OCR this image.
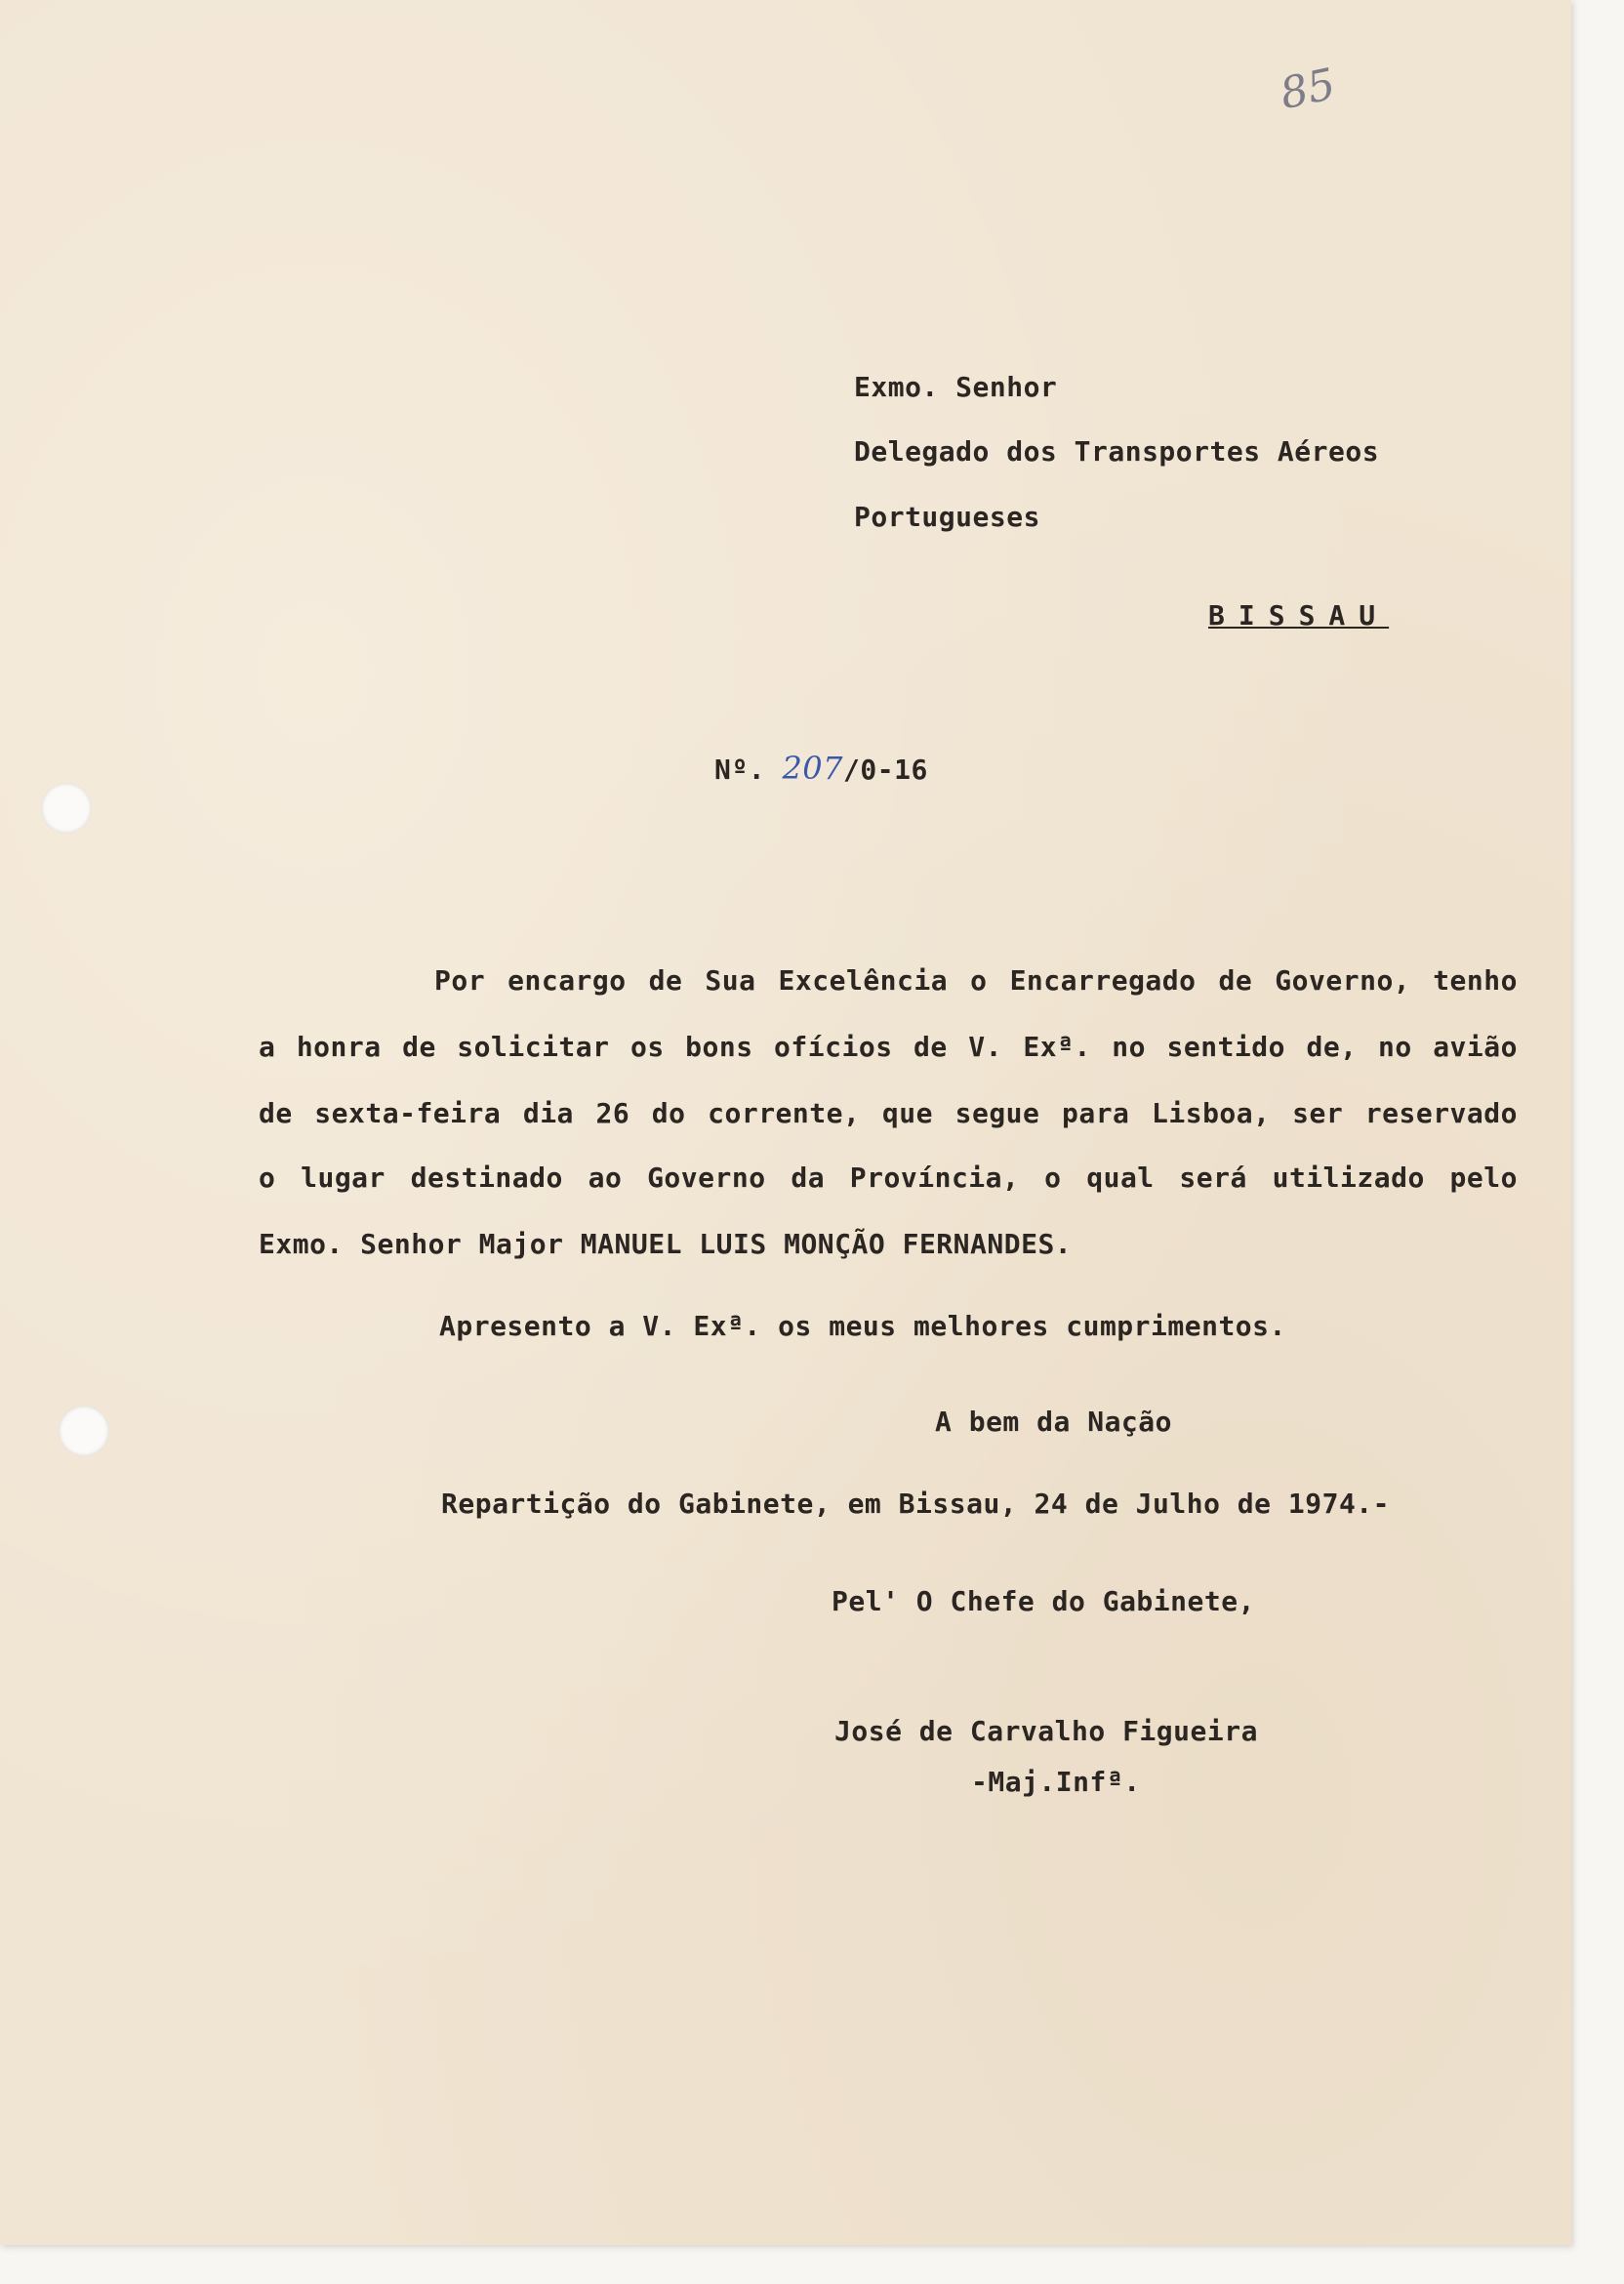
85

Exmo. Senhor

Delegado dos Transportes Aéreos

Portugueses

BISSAU

Nº. 207/0-16

Por encargo de Sua Excelência o Encarregado de Governo, tenho

a honra de solicitar os bons ofícios de V. Exª. no sentido de, no avião

de sexta-feira dia 26 do corrente, que segue para Lisboa, ser reservado

o lugar destinado ao Governo da Província, o qual será utilizado pelo

Exmo. Senhor Major MANUEL LUIS MONÇÃO FERNANDES.

Apresento a V. Exª. os meus melhores cumprimentos.

A bem da Nação

Repartição do Gabinete, em Bissau, 24 de Julho de 1974.-

Pel' O Chefe do Gabinete,

José de Carvalho Figueira

-Maj.Infª.
